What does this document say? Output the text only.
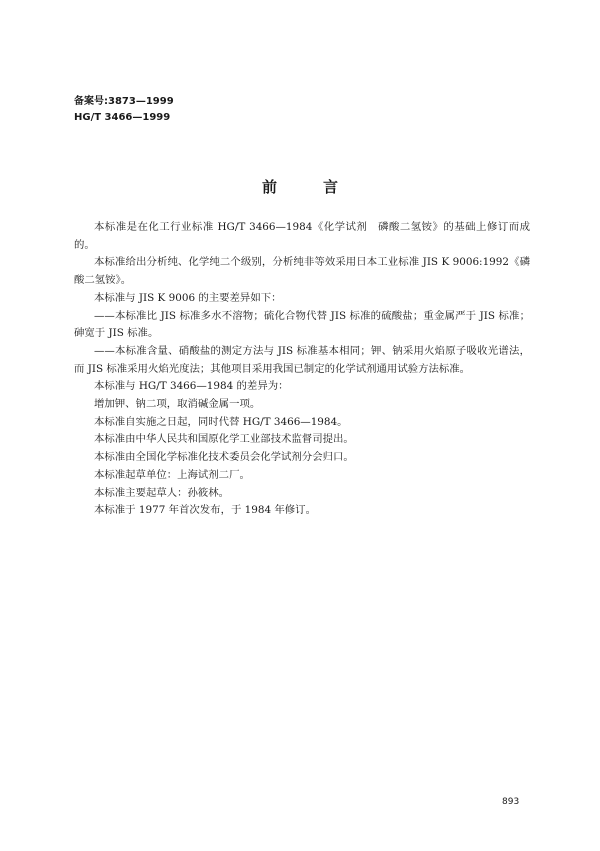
备案号:3873—1999
HG/T 3466—1999
前	言

本标准是在化工行业标准 HG/T 3466—1984《化学试剂　磷酸二氢铵》的基础上修订而成的。

本标准给出分析纯、化学纯二个级别，分析纯非等效采用日本工业标准 JIS K 9006:1992《磷酸二氢铵》。

本标准与 JIS K 9006 的主要差异如下：

——本标准比 JIS 标准多水不溶物；硫化合物代替 JIS 标准的硫酸盐；重金属严于 JIS 标准；砷宽于 JIS 标准。

——本标准含量、硝酸盐的测定方法与 JIS 标准基本相同；钾、钠采用火焰原子吸收光谱法，而 JIS 标准采用火焰光度法；其他项目采用我国已制定的化学试剂通用试验方法标准。

本标准与 HG/T 3466—1984 的差异为：

增加钾、钠二项，取消碱金属一项。

本标准自实施之日起，同时代替 HG/T 3466—1984。

本标准由中华人民共和国原化学工业部技术监督司提出。

本标准由全国化学标准化技术委员会化学试剂分会归口。

本标准起草单位：上海试剂二厂。

本标准主要起草人：孙筱林。

本标准于 1977 年首次发布，于 1984 年修订。

893
